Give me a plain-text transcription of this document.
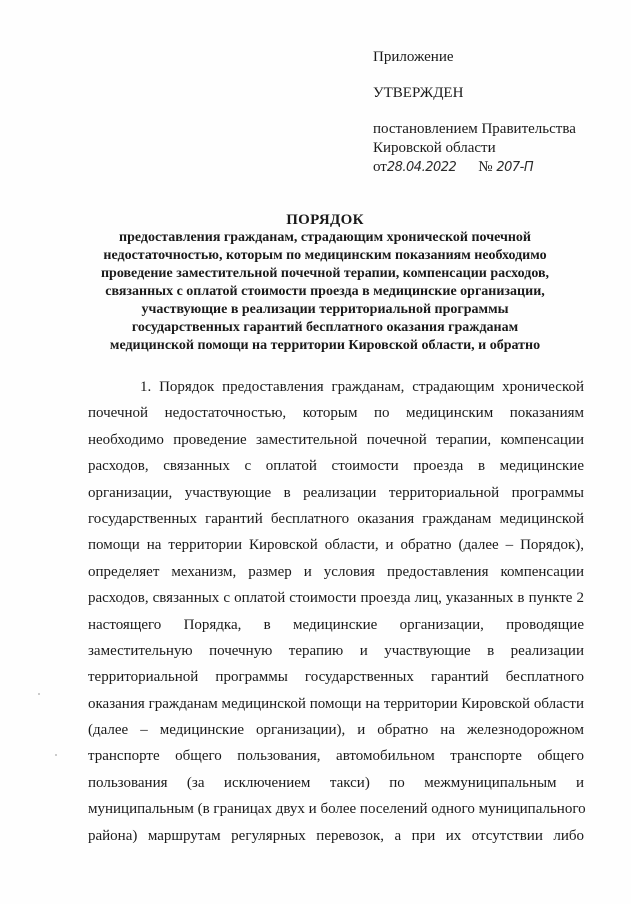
Приложение
УТВЕРЖДЕН
постановлением Правительства
Кировской области
от28.04.2022 № 207-П
ПОРЯДОК
предоставления гражданам, страдающим хронической почечной
недостаточностью, которым по медицинским показаниям необходимо
проведение заместительной почечной терапии, компенсации расходов,
связанных с оплатой стоимости проезда в медицинские организации,
участвующие в реализации территориальной программы
государственных гарантий бесплатного оказания гражданам
медицинской помощи на территории Кировской области, и обратно
1. Порядок предоставления гражданам, страдающим хронической
почечной недостаточностью, которым по медицинским показаниям
необходимо проведение заместительной почечной терапии, компенсации
расходов, связанных с оплатой стоимости проезда в медицинские
организации, участвующие в реализации территориальной программы
государственных гарантий бесплатного оказания гражданам медицинской
помощи на территории Кировской области, и обратно (далее – Порядок),
определяет механизм, размер и условия предоставления компенсации
расходов, связанных с оплатой стоимости проезда лиц, указанных в пункте 2
настоящего Порядка, в медицинские организации, проводящие
заместительную почечную терапию и участвующие в реализации
территориальной программы государственных гарантий бесплатного
оказания гражданам медицинской помощи на территории Кировской области
(далее – медицинские организации), и обратно на железнодорожном
транспорте общего пользования, автомобильном транспорте общего
пользования (за исключением такси) по межмуниципальным и
муниципальным (в границах двух и более поселений одного муниципального
района) маршрутам регулярных перевозок, а при их отсутствии либо
